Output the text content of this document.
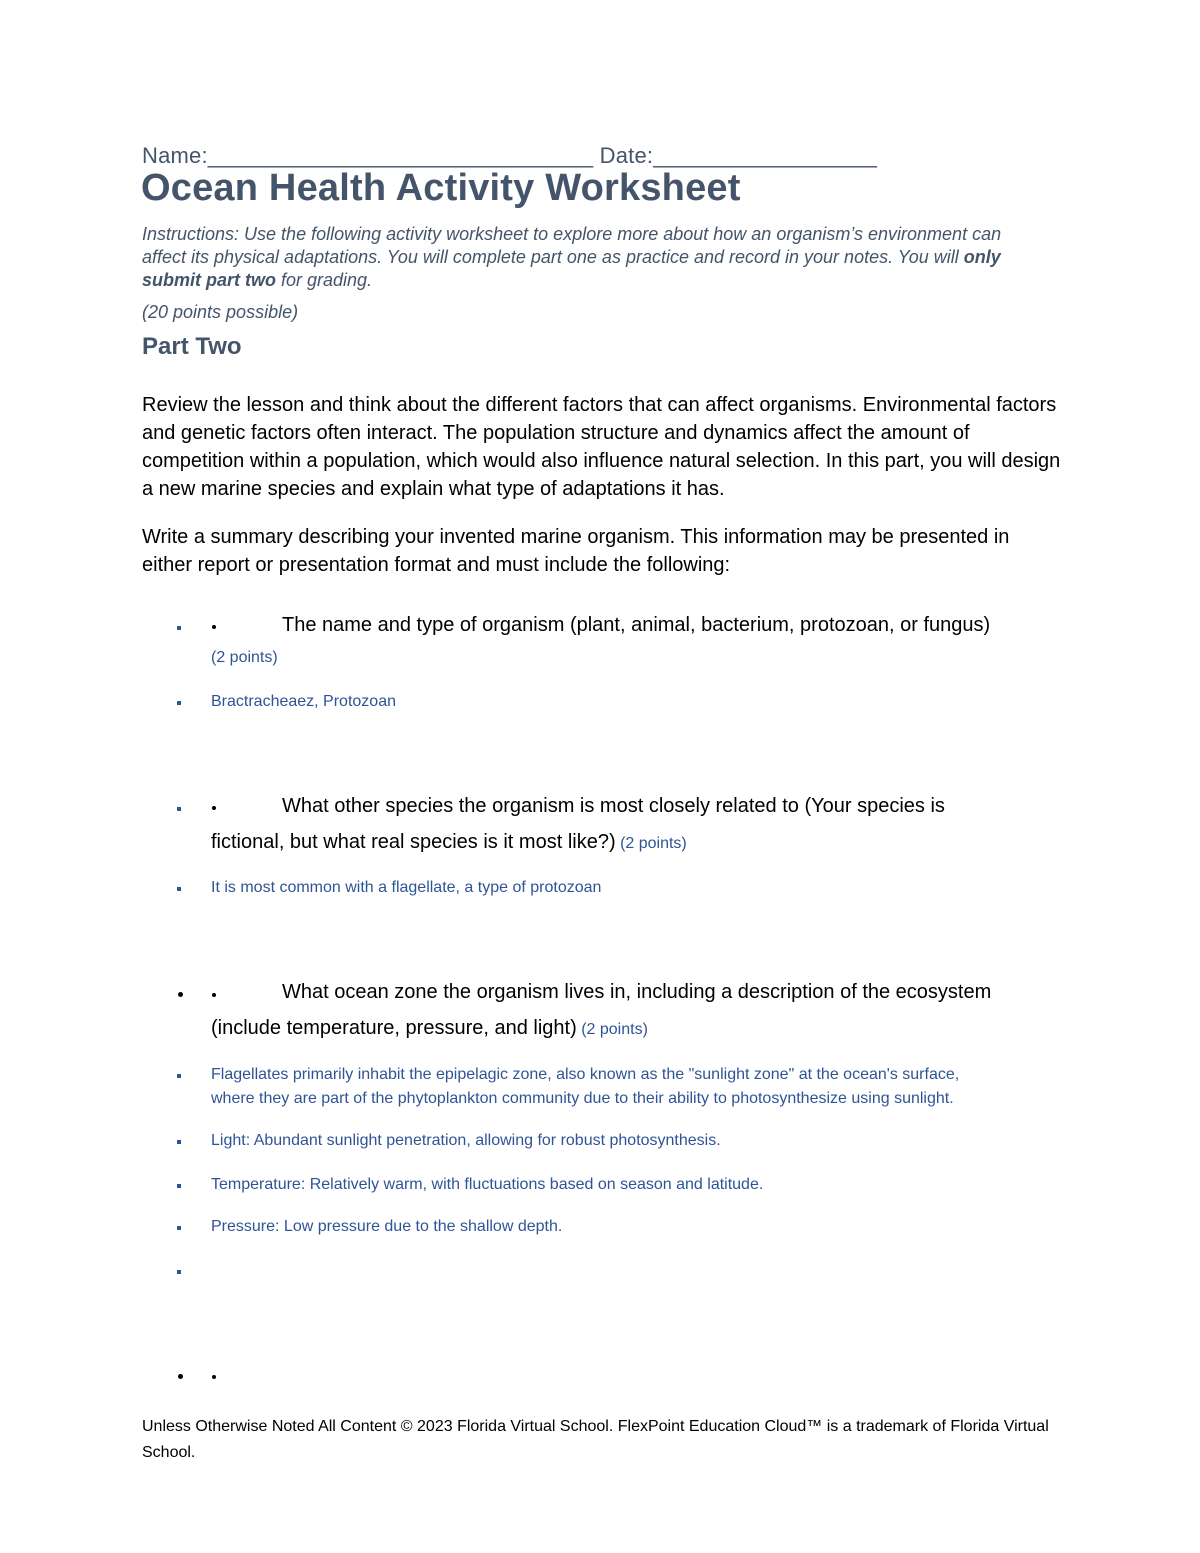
Name:_______________________________ Date:__________________
Ocean Health Activity Worksheet
Instructions: Use the following activity worksheet to explore more about how an organism’s environment can affect its physical adaptations. You will complete part one as practice and record in your notes. You will only submit part two for grading.
(20 points possible)
Part Two
Review the lesson and think about the different factors that can affect organisms. Environmental factors and genetic factors often interact. The population structure and dynamics affect the amount of competition within a population, which would also influence natural selection. In this part, you will design a new marine species and explain what type of adaptations it has.
Write a summary describing your invented marine organism. This information may be presented in either report or presentation format and must include the following:
The name and type of organism (plant, animal, bacterium, protozoan, or fungus)
(2 points)
Bractracheaez, Protozoan
What other species the organism is most closely related to (Your species is
fictional, but what real species is it most like?) (2 points)
It is most common with a flagellate, a type of protozoan
What ocean zone the organism lives in, including a description of the ecosystem
(include temperature, pressure, and light) (2 points)
Flagellates primarily inhabit the epipelagic zone, also known as the "sunlight zone" at the ocean's surface,
where they are part of the phytoplankton community due to their ability to photosynthesize using sunlight.
Light: Abundant sunlight penetration, allowing for robust photosynthesis.
Temperature: Relatively warm, with fluctuations based on season and latitude.
Pressure: Low pressure due to the shallow depth.
Unless Otherwise Noted All Content © 2023 Florida Virtual School. FlexPoint Education Cloud™ is a trademark of Florida Virtual School.
